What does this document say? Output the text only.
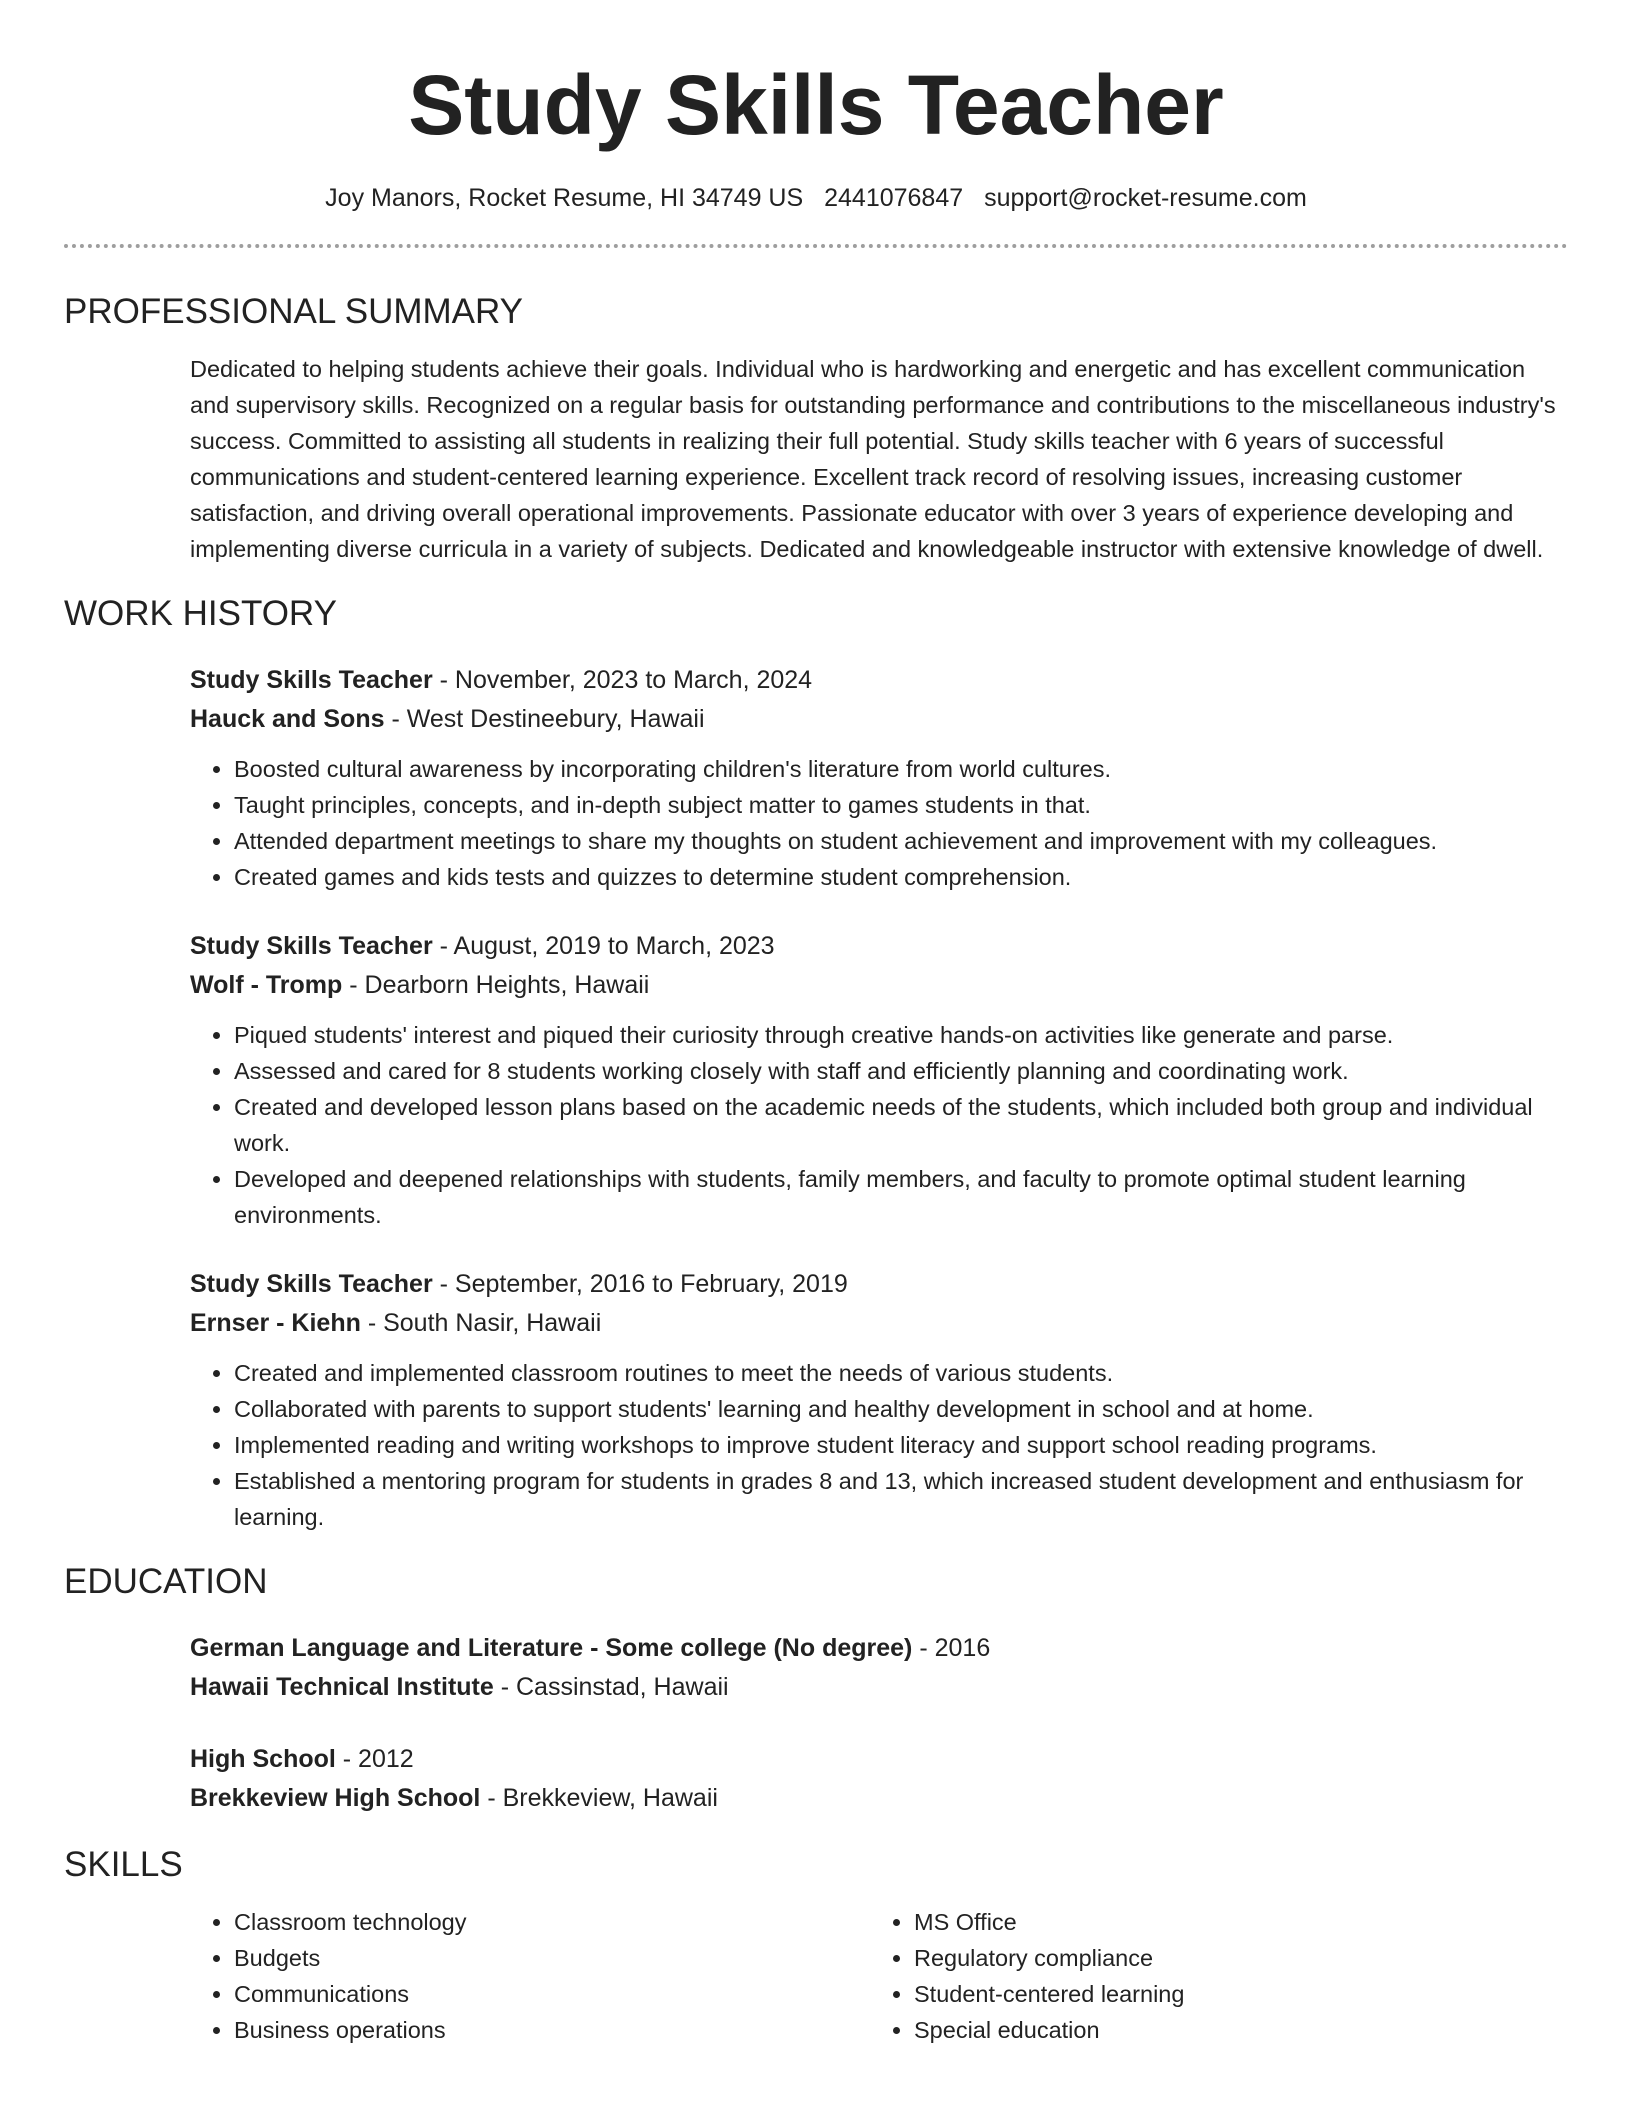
Study Skills Teacher
Joy Manors, Rocket Resume, HI 34749 US 2441076847 support@rocket-resume.com
PROFESSIONAL SUMMARY

Dedicated to helping students achieve their goals. Individual who is hardworking and energetic and has excellent communication and supervisory skills. Recognized on a regular basis for outstanding performance and contributions to the miscellaneous industry's success. Committed to assisting all students in realizing their full potential. Study skills teacher with 6 years of successful communications and student-centered learning experience. Excellent track record of resolving issues, increasing customer satisfaction, and driving overall operational improvements. Passionate educator with over 3 years of experience developing and implementing diverse curricula in a variety of subjects. Dedicated and knowledgeable instructor with extensive knowledge of dwell.

WORK HISTORY
Study Skills Teacher - November, 2023 to March, 2024
Hauck and Sons - West Destineebury, Hawaii
• Boosted cultural awareness by incorporating children's literature from world cultures.
• Taught principles, concepts, and in-depth subject matter to games students in that.
• Attended department meetings to share my thoughts on student achievement and improvement with my colleagues.
• Created games and kids tests and quizzes to determine student comprehension.
Study Skills Teacher - August, 2019 to March, 2023
Wolf - Tromp - Dearborn Heights, Hawaii
• Piqued students' interest and piqued their curiosity through creative hands-on activities like generate and parse.
• Assessed and cared for 8 students working closely with staff and efficiently planning and coordinating work.
• Created and developed lesson plans based on the academic needs of the students, which included both group and individual work.
• Developed and deepened relationships with students, family members, and faculty to promote optimal student learning environments.
Study Skills Teacher - September, 2016 to February, 2019
Ernser - Kiehn - South Nasir, Hawaii
• Created and implemented classroom routines to meet the needs of various students.
• Collaborated with parents to support students' learning and healthy development in school and at home.
• Implemented reading and writing workshops to improve student literacy and support school reading programs.
• Established a mentoring program for students in grades 8 and 13, which increased student development and enthusiasm for learning.
EDUCATION
German Language and Literature - Some college (No degree) - 2016
Hawaii Technical Institute - Cassinstad, Hawaii
High School - 2012
Brekkeview High School - Brekkeview, Hawaii
SKILLS
• Classroom technology
• Budgets
• Communications
• Business operations
• MS Office
• Regulatory compliance
• Student-centered learning
• Special education
